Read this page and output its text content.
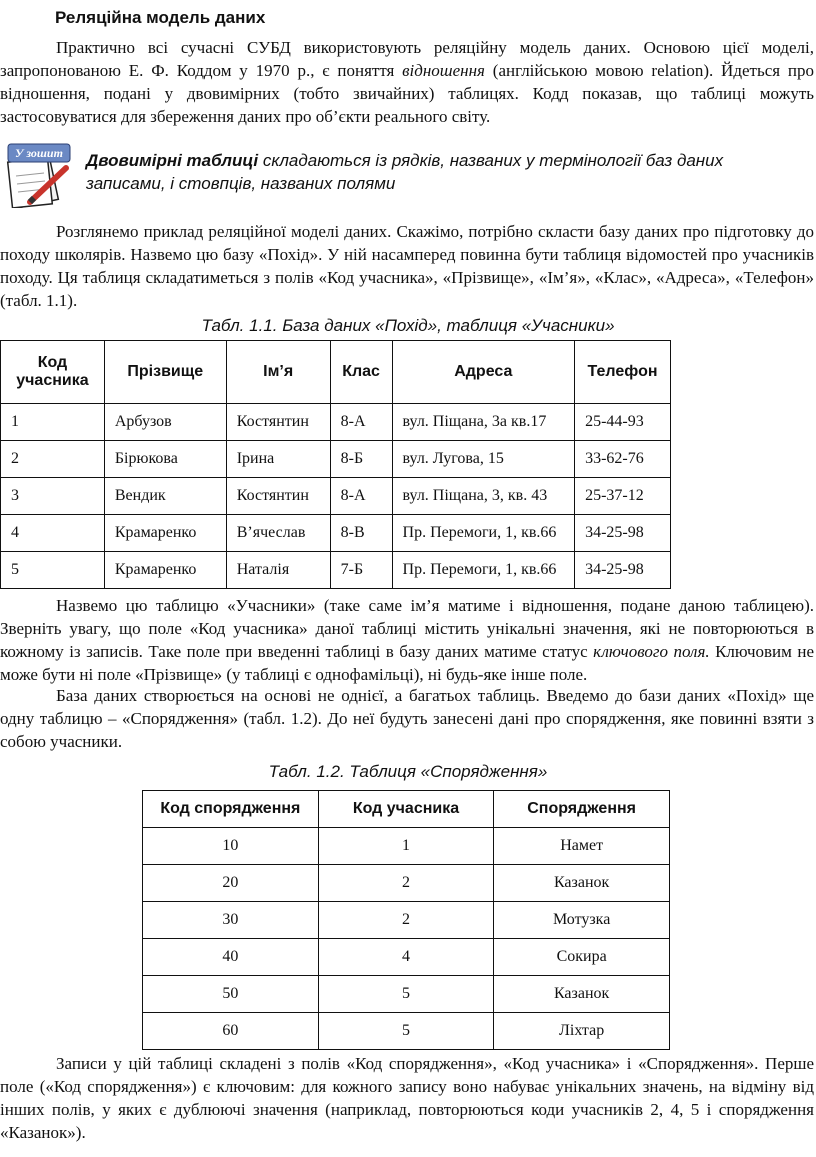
Реляційна модель даних

Практично всі сучасні СУБД використовують реляційну модель даних. Основою цієї моделі, запропонованою Е. Ф. Коддом у 1970 р., є поняття відношення (англійською мовою relation). Йдеться про відношення, подані у двовимірних (тобто звичайних) таблицях. Кодд показав, що таблиці можуть застосовуватися для збереження даних про об’єкти реального світу.

У зошит Двовимірні таблиці складаються із рядків, названих у термінології баз даних записами, і стовпців, названих полями

Розглянемо приклад реляційної моделі даних. Скажімо, потрібно скласти базу даних про підготовку до походу школярів. Назвемо цю базу «Похід». У ній насамперед повинна бути таблиця відомостей про учасників походу. Ця таблиця складатиметься з полів «Код учасника», «Прізвище», «Ім’я», «Клас», «Адреса», «Телефон» (табл. 1.1).

Табл. 1.1. База даних «Похід», таблиця «Учасники»
Код учасника	Прізвище	Ім’я	Клас	Адреса	Телефон
1	Арбузов	Костянтин	8-А	вул. Піщана, 3а кв.17	25-44-93
2	Бірюкова	Ірина	8-Б	вул. Лугова, 15	33-62-76
3	Вендик	Костянтин	8-А	вул. Піщана, 3, кв. 43	25-37-12
4	Крамаренко	В’ячеслав	8-В	Пр. Перемоги, 1, кв.66	34-25-98
5	Крамаренко	Наталія	7-Б	Пр. Перемоги, 1, кв.66	34-25-98

Назвемо цю таблицю «Учасники» (таке саме ім’я матиме і відношення, подане даною таблицею). Зверніть увагу, що поле «Код учасника» даної таблиці містить унікальні значення, які не повторюються в кожному із записів. Таке поле при введенні таблиці в базу даних матиме статус ключового поля. Ключовим не може бути ні поле «Прізвище» (у таблиці є однофамільці), ні будь-яке інше поле.

База даних створюється на основі не однієї, а багатьох таблиць. Введемо до бази даних «Похід» ще одну таблицю – «Спорядження» (табл. 1.2). До неї будуть занесені дані про спорядження, яке повинні взяти з собою учасники.

Табл. 1.2. Таблиця «Спорядження»
Код спорядження	Код учасника	Спорядження
10	1	Намет
20	2	Казанок
30	2	Мотузка
40	4	Сокира
50	5	Казанок
60	5	Ліхтар

Записи у цій таблиці складені з полів «Код спорядження», «Код учасника» і «Спорядження». Перше поле («Код спорядження») є ключовим: для кожного запису воно набуває унікальних значень, на відміну від інших полів, у яких є дублюючі значення (наприклад, повторюються коди учасників 2, 4, 5 і спорядження «Казанок»).
